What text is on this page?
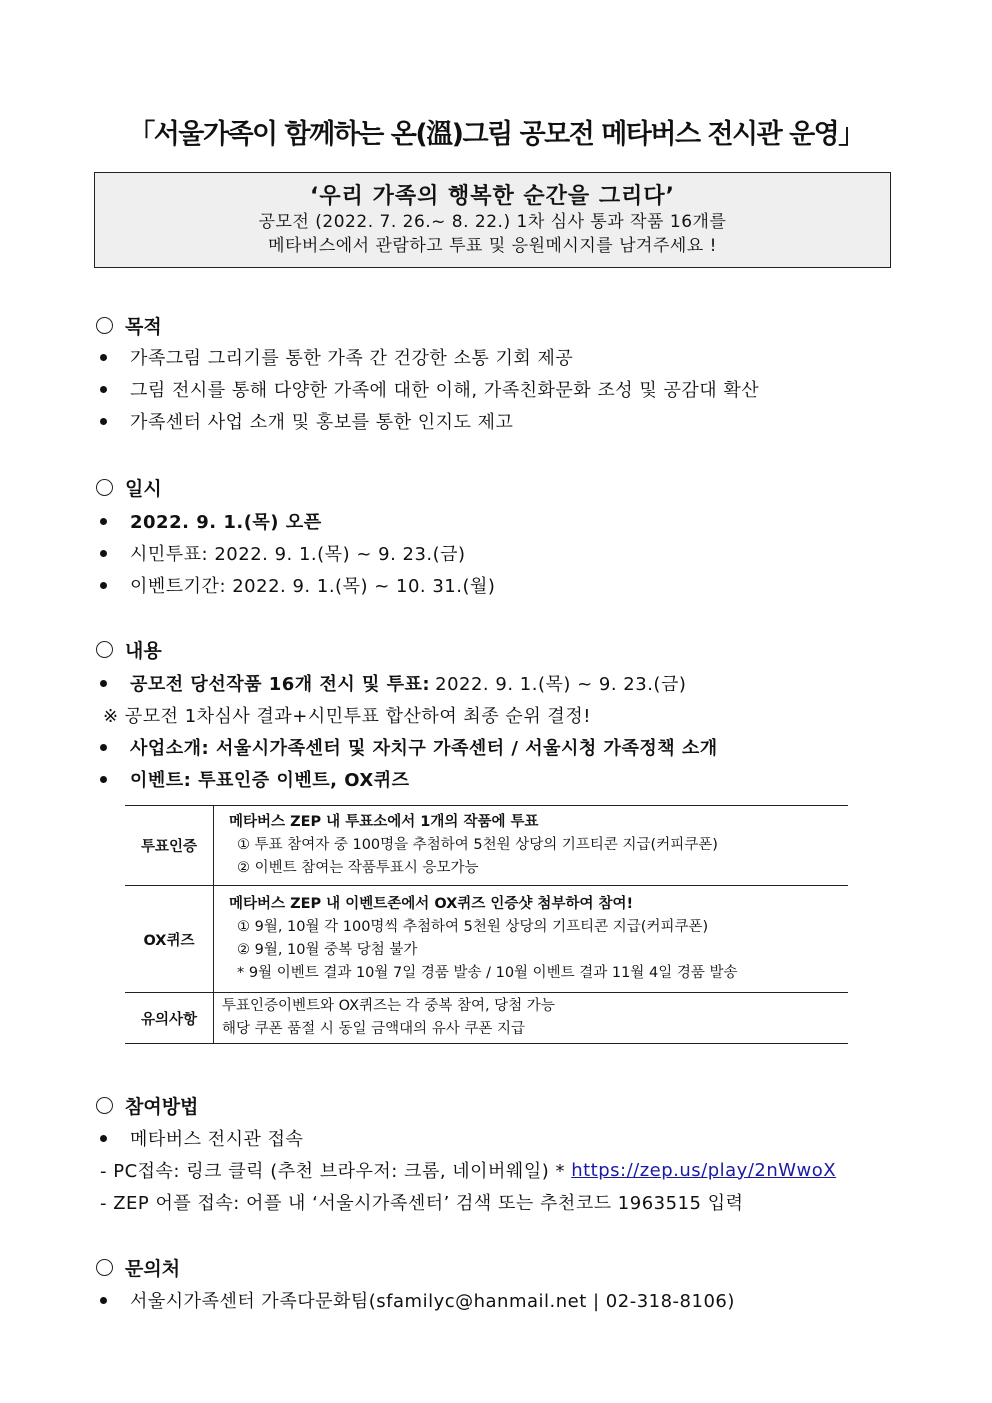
「서울가족이 함께하는 온(溫)그림 공모전 메타버스 전시관 운영」
‘우리 가족의 행복한 순간을 그리다’
공모전 (2022. 7. 26.~ 8. 22.) 1차 심사 통과 작품 16개를
메타버스에서 관람하고 투표 및 응원메시지를 남겨주세요 !
목적
가족그림 그리기를 통한 가족 간 건강한 소통 기회 제공
그림 전시를 통해 다양한 가족에 대한 이해, 가족친화문화 조성 및 공감대 확산
가족센터 사업 소개 및 홍보를 통한 인지도 제고
일시
2022. 9. 1.(목) 오픈
시민투표: 2022. 9. 1.(목) ~ 9. 23.(금)
이벤트기간: 2022. 9. 1.(목) ~ 10. 31.(월)
내용
공모전 당선작품 16개 전시 및 투표: 2022. 9. 1.(목) ~ 9. 23.(금)
※ 공모전 1차심사 결과+시민투표 합산하여 최종 순위 결정!
사업소개: 서울시가족센터 및 자치구 가족센터 / 서울시청 가족정책 소개
이벤트: 투표인증 이벤트, OX퀴즈
투표인증	메타버스 ZEP 내 투표소에서 1개의 작품에 투표
① 투표 참여자 중 100명을 추첨하여 5천원 상당의 기프티콘 지급(커피쿠폰)
② 이벤트 참여는 작품투표시 응모가능

OX퀴즈	메타버스 ZEP 내 이벤트존에서 OX퀴즈 인증샷 첨부하여 참여!
① 9월, 10월 각 100명씩 추첨하여 5천원 상당의 기프티콘 지급(커피쿠폰)
② 9월, 10월 중복 당첨 불가
* 9월 이벤트 결과 10월 7일 경품 발송 / 10월 이벤트 결과 11월 4일 경품 발송

유의사항	투표인증이벤트와 OX퀴즈는 각 중복 참여, 당첨 가능
해당 쿠폰 품절 시 동일 금액대의 유사 쿠폰 지급
참여방법
메타버스 전시관 접속
- PC접속: 링크 클릭 (추천 브라우저: 크롬, 네이버웨일) * https://zep.us/play/2nWwoX
- ZEP 어플 접속: 어플 내 ‘서울시가족센터’ 검색 또는 추천코드 1963515 입력
문의처
서울시가족센터 가족다문화팀(sfamilyc@hanmail.net | 02-318-8106)
